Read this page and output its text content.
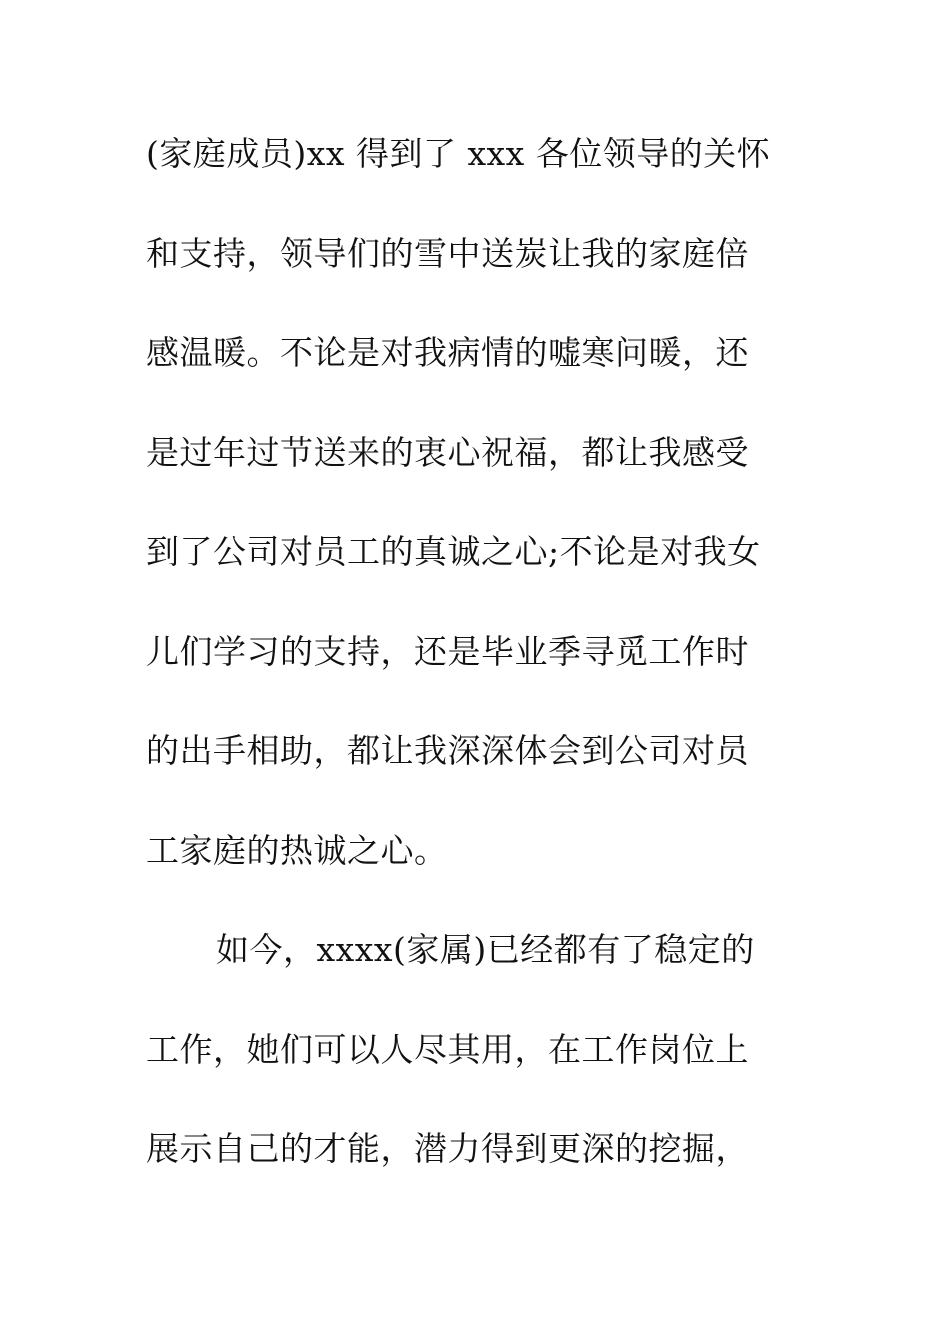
(家庭成员)xx 得到了 xxx 各位领导的关怀
和支持，领导们的雪中送炭让我的家庭倍
感温暖。不论是对我病情的嘘寒问暖，还
是过年过节送来的衷心祝福，都让我感受
到了公司对员工的真诚之心;不论是对我女
儿们学习的支持，还是毕业季寻觅工作时
的出手相助，都让我深深体会到公司对员
工家庭的热诚之心。
如今，xxxx(家属)已经都有了稳定的
工作，她们可以人尽其用，在工作岗位上
展示自己的才能，潜力得到更深的挖掘，
